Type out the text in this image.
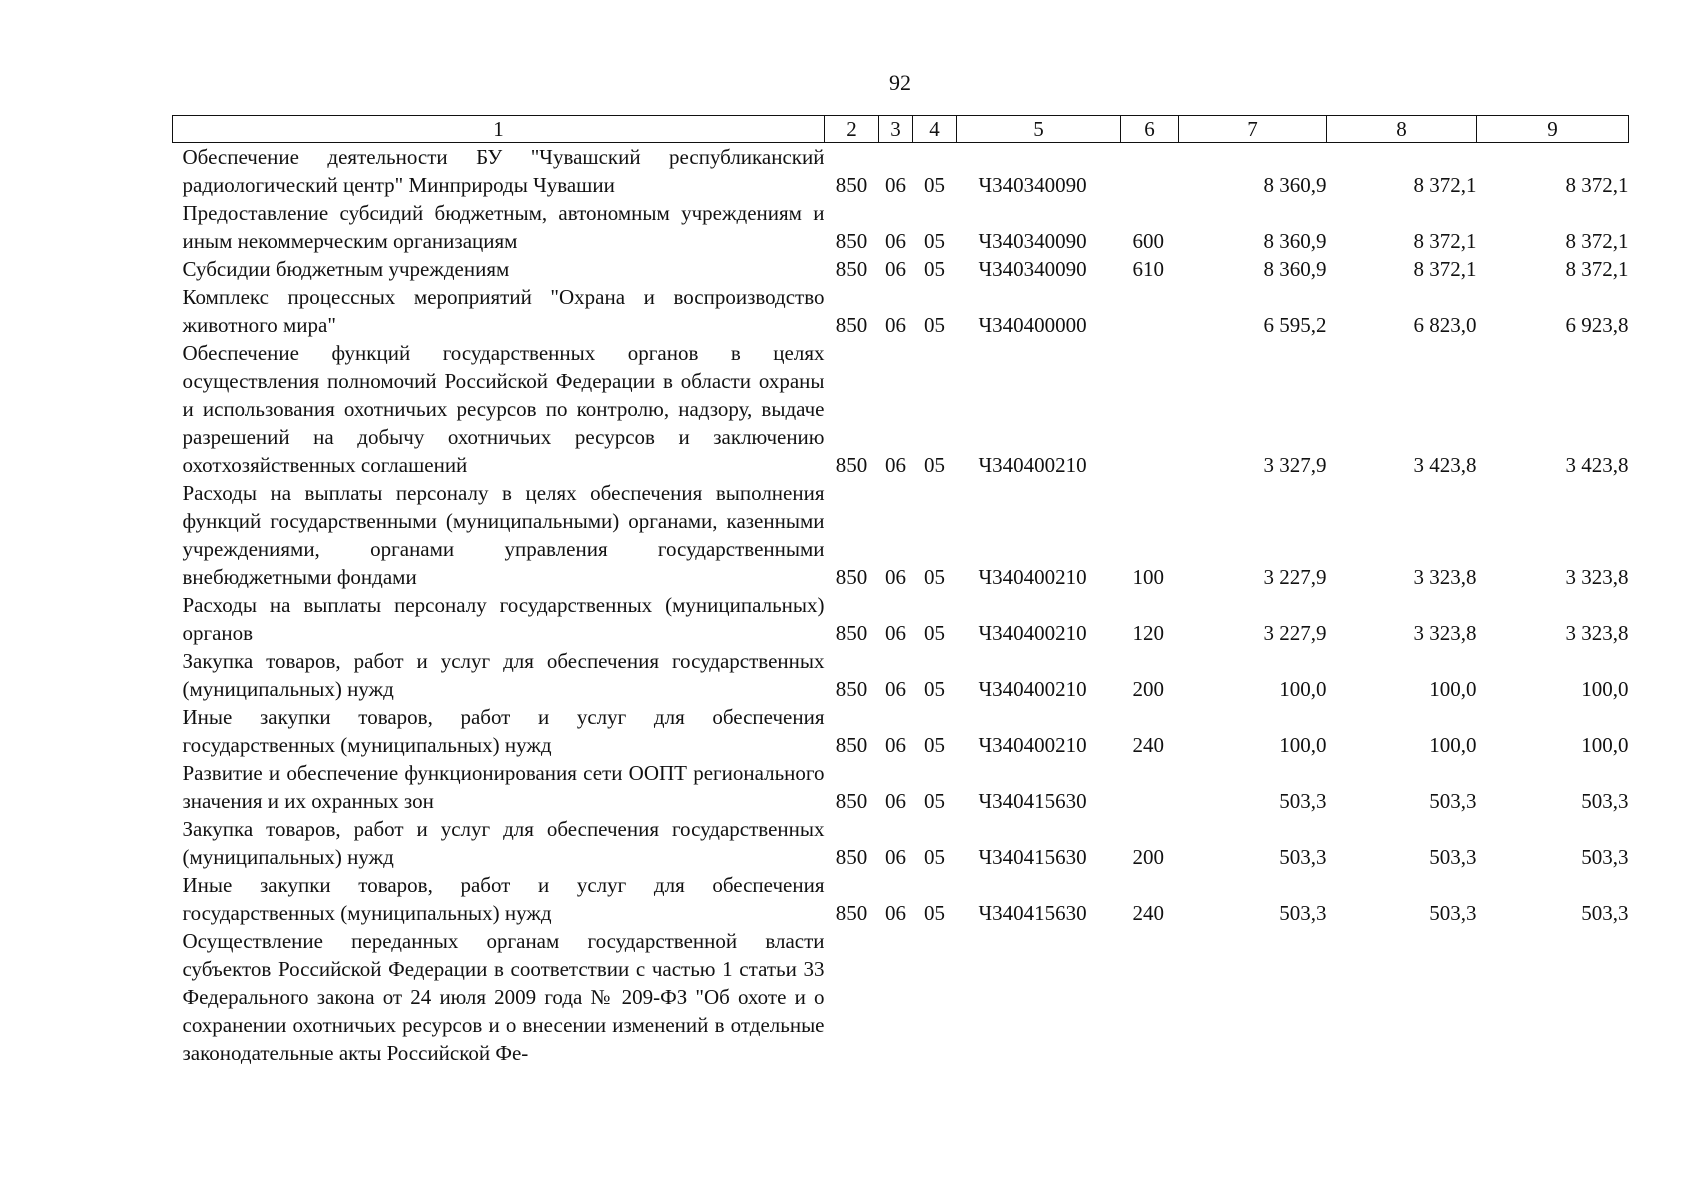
92
1	2	3	4	5	6	7	8	9
Обеспечение деятельности БУ "Чувашский республиканский радиологический центр" Минприроды Чувашии	850	06	05	Ч340340090		8 360,9	8 372,1	8 372,1
Предоставление субсидий бюджетным, автономным учреждениям и иным некоммерческим организациям	850	06	05	Ч340340090	600	8 360,9	8 372,1	8 372,1
Субсидии бюджетным учреждениям	850	06	05	Ч340340090	610	8 360,9	8 372,1	8 372,1
Комплекс процессных мероприятий "Охрана и воспроизводство животного мира"	850	06	05	Ч340400000		6 595,2	6 823,0	6 923,8
Обеспечение функций государственных органов в целях осуществления полномочий Российской Федерации в области охраны и использования охотничьих ресурсов по контролю, надзору, выдаче разрешений на добычу охотничьих ресурсов и заключению охотхозяйственных соглашений	850	06	05	Ч340400210		3 327,9	3 423,8	3 423,8
Расходы на выплаты персоналу в целях обеспечения выполнения функций государственными (муниципальными) органами, казенными учреждениями, органами управления государственными внебюджетными фондами	850	06	05	Ч340400210	100	3 227,9	3 323,8	3 323,8
Расходы на выплаты персоналу государственных (муниципальных) органов	850	06	05	Ч340400210	120	3 227,9	3 323,8	3 323,8
Закупка товаров, работ и услуг для обеспечения государственных (муниципальных) нужд	850	06	05	Ч340400210	200	100,0	100,0	100,0
Иные закупки товаров, работ и услуг для обеспечения государственных (муниципальных) нужд	850	06	05	Ч340400210	240	100,0	100,0	100,0
Развитие и обеспечение функционирования сети ООПТ регионального значения и их охранных зон	850	06	05	Ч340415630		503,3	503,3	503,3
Закупка товаров, работ и услуг для обеспечения государственных (муниципальных) нужд	850	06	05	Ч340415630	200	503,3	503,3	503,3
Иные закупки товаров, работ и услуг для обеспечения государственных (муниципальных) нужд	850	06	05	Ч340415630	240	503,3	503,3	503,3
Осуществление переданных органам государственной власти субъектов Российской Федерации в соответствии с частью 1 статьи 33 Федерального закона от 24 июля 2009 года № 209-ФЗ "Об охоте и о сохранении охотничьих ресурсов и о внесении изменений в отдельные законодательные акты Российской Фе-								
